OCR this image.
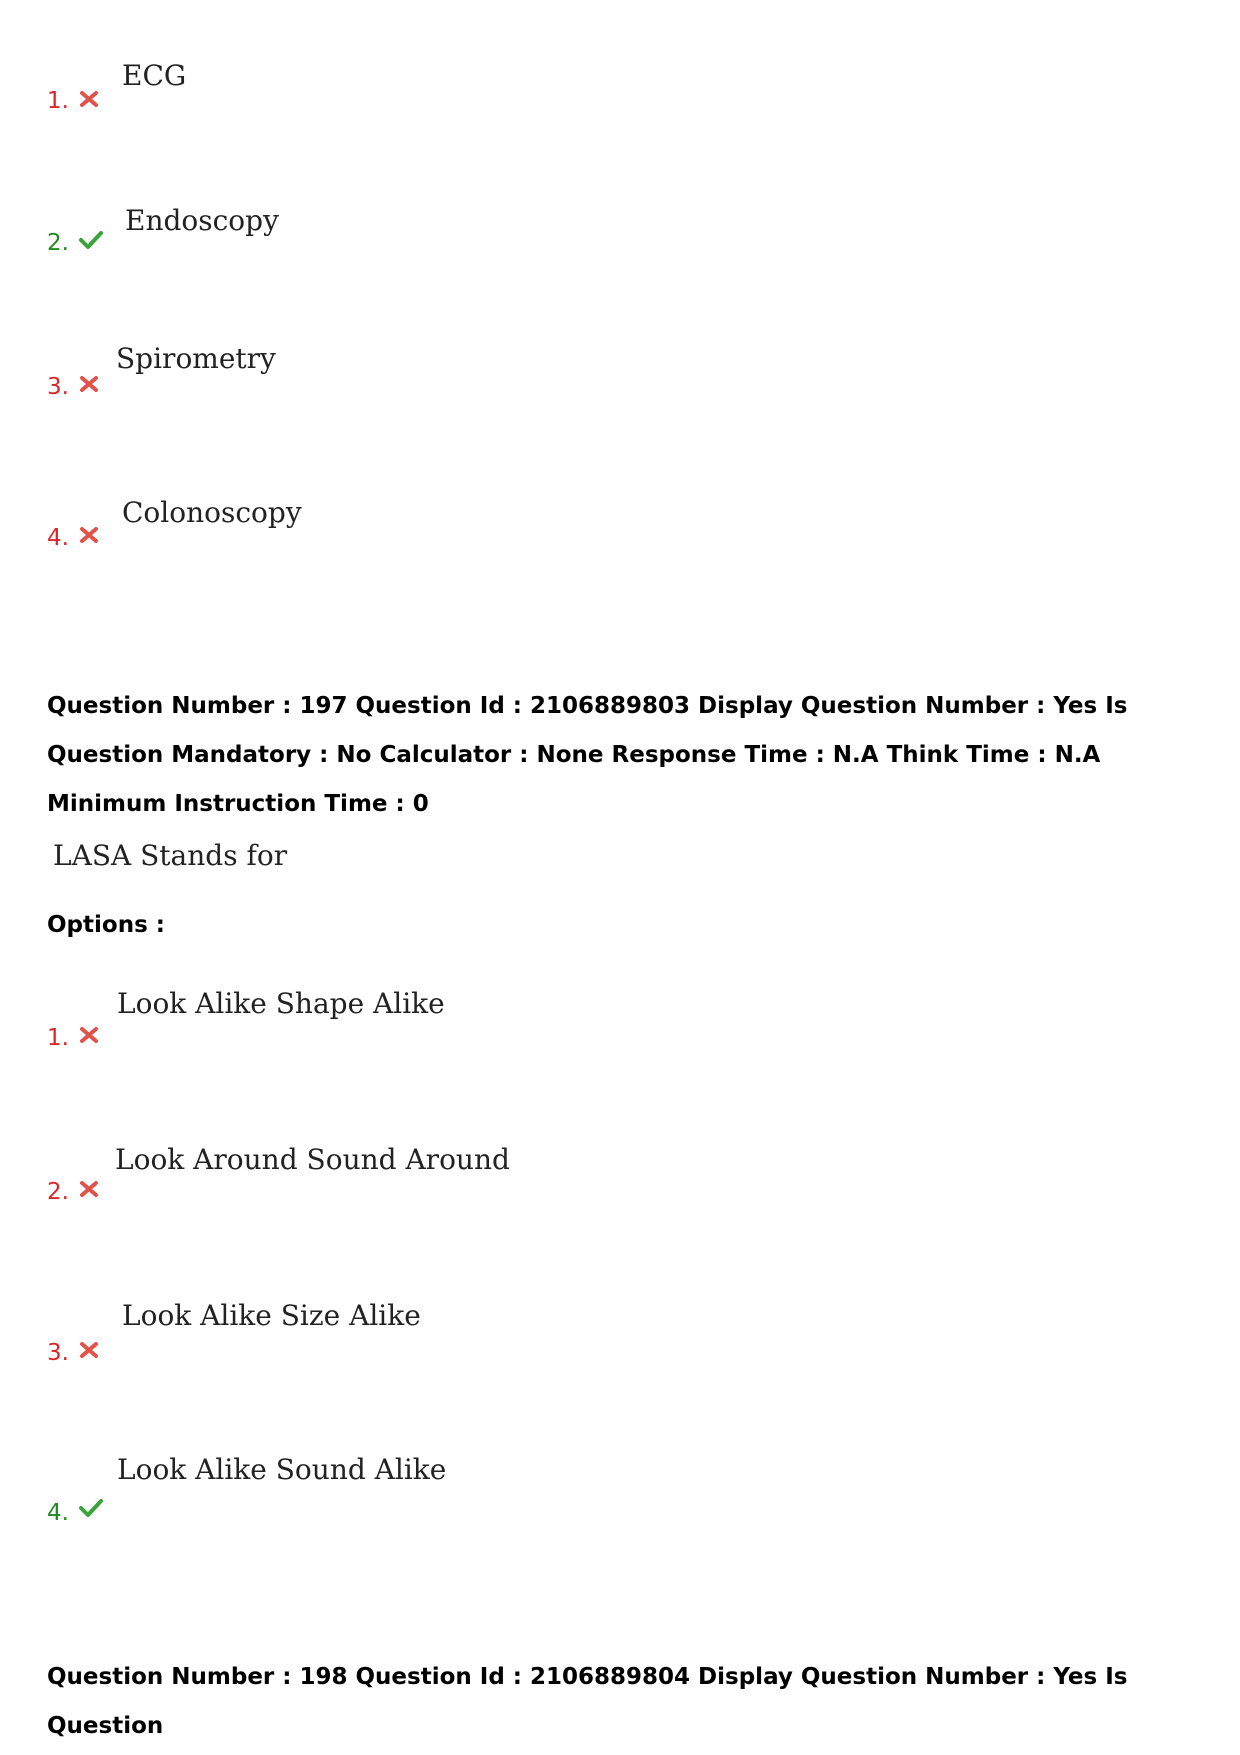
ECG
1.
Endoscopy
2.
Spirometry
3.
Colonoscopy
4.

Question Number : 197 Question Id : 2106889803 Display Question Number : Yes Is Question Mandatory : No Calculator : None Response Time : N.A Think Time : N.A Minimum Instruction Time : 0

LASA Stands for
Options :
Look Alike Shape Alike
1.
Look Around Sound Around
2.
Look Alike Size Alike
3.
Look Alike Sound Alike
4.

Question Number : 198 Question Id : 2106889804 Display Question Number : Yes Is Question
